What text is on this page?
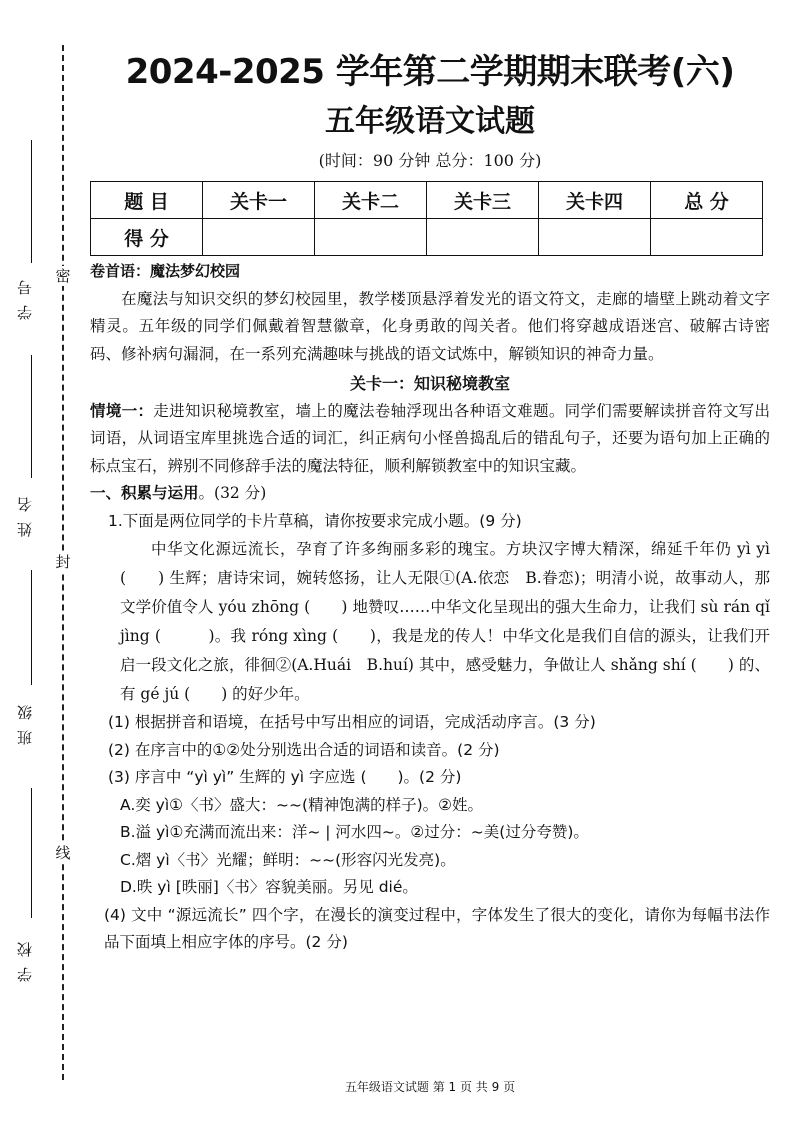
密
封
线
学号
姓名
班级
学校
2024-2025 学年第二学期期末联考(六)
五年级语文试题
(时间：90 分钟 总分：100 分)
题 目	关卡一	关卡二	关卡三	关卡四	总 分
得 分					

卷首语：魔法梦幻校园

在魔法与知识交织的梦幻校园里，教学楼顶悬浮着发光的语文符文，走廊的墙壁上跳动着文字精灵。五年级的同学们佩戴着智慧徽章，化身勇敢的闯关者。他们将穿越成语迷宫、破解古诗密码、修补病句漏洞，在一系列充满趣味与挑战的语文试炼中，解锁知识的神奇力量。

关卡一：知识秘境教室

情境一：走进知识秘境教室，墙上的魔法卷轴浮现出各种语文难题。同学们需要解读拼音符文写出词语，从词语宝库里挑选合适的词汇，纠正病句小怪兽捣乱后的错乱句子，还要为语句加上正确的标点宝石，辨别不同修辞手法的魔法特征，顺利解锁教室中的知识宝藏。

一、积累与运用。(32 分)

1.下面是两位同学的卡片草稿，请你按要求完成小题。(9 分)

中华文化源远流长，孕育了许多绚丽多彩的瑰宝。方块汉字博大精深，绵延千年仍 yì yì (　　) 生辉；唐诗宋词，婉转悠扬，让人无限①(A.依恋　B.眷恋)；明清小说，故事动人，那文学价值令人 yóu zhōng (　　) 地赞叹……中华文化呈现出的强大生命力，让我们 sù rán qǐ jìng (　　　)。我 róng xìng (　　)，我是龙的传人！中华文化是我们自信的源头，让我们开启一段文化之旅，徘徊②(A.Huái　B.huí) 其中，感受魅力，争做让人 shǎng shí (　　) 的、有 gé jú (　　) 的好少年。

(1) 根据拼音和语境，在括号中写出相应的词语，完成活动序言。(3 分)

(2) 在序言中的①②处分别选出合适的词语和读音。(2 分)

(3) 序言中 “yì yì” 生辉的 yì 字应选 (　　)。(2 分)

A.奕 yì①〈书〉盛大：~~(精神饱满的样子)。②姓。

B.溢 yì①充满而流出来：洋~ | 河水四~。②过分：~美(过分夸赞)。

C.熠 yì〈书〉光耀；鲜明：~~(形容闪光发亮)。

D.昳 yì [昳丽]〈书〉容貌美丽。另见 dié。

(4) 文中 “源远流长” 四个字，在漫长的演变过程中，字体发生了很大的变化，请你为每幅书法作品下面填上相应字体的序号。(2 分)

五年级语文试题 第 1 页 共 9 页
